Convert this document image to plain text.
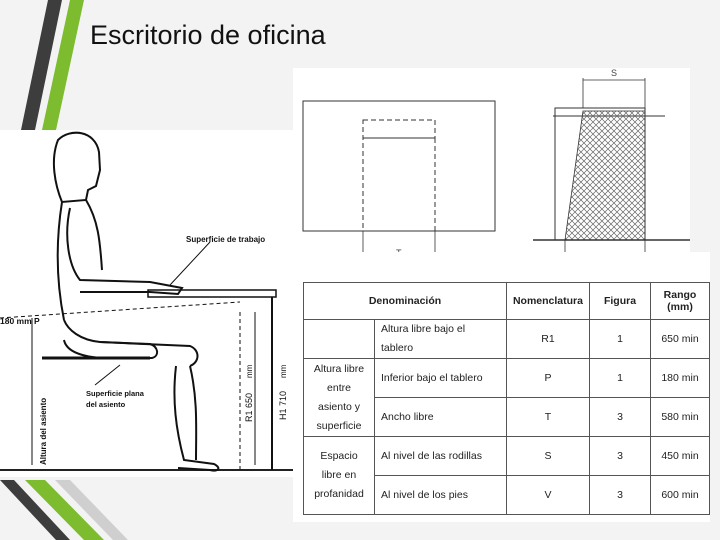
Escritorio de oficina
Superficie de trabajo
Superficie plana
del asiento
180 mm P
Altura del asiento	R1 650
mm
H1 710
mm
S
Denominación		Nomenclatura	Figura	Rango
(mm)
	Altura libre bajo el tablero	R1	1	650 min
Altura libre entre asiento y superficie	Inferior bajo el tablero	P	1	180 min
	Ancho libre	T	3	580 min
Espacio libre en profanidad	Al nivel de las rodillas	S	3	450 min
	Al nivel de los pies	V	3	600 min
